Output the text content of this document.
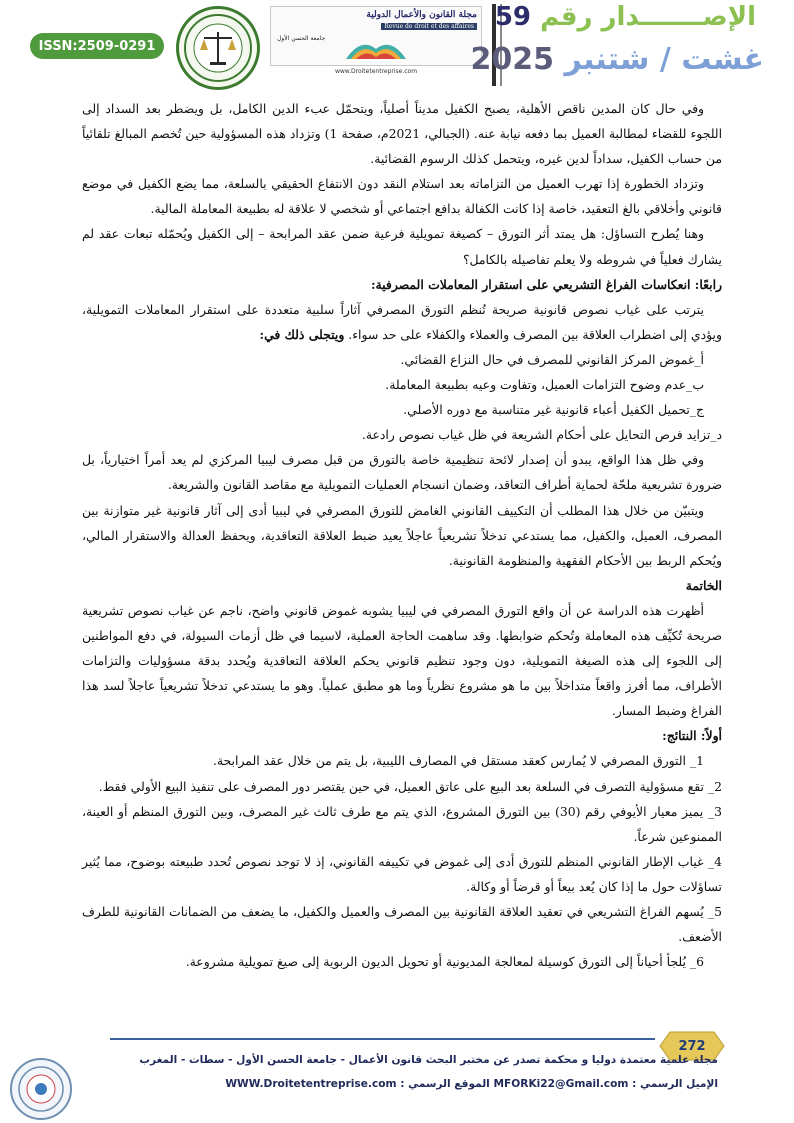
ISSN:2509-0291
مجلة القانون والأعمال الدولية
Revue de droit et des affaires
جامعة الحسن الأول
www.Droitetentreprise.com
الإصـــــــدار رقم 59
غشت / شتنبر 2025

وفي حال كان المدين ناقص الأهلية، يصبح الكفيل مديناً أصلياً، ويتحمّل عبء الدين الكامل، بل ويضطر بعد السداد إلى اللجوء للقضاء لمطالبة العميل بما دفعه نيابة عنه. (الجبالي، 2021م، صفحة 1) وتزداد هذه المسؤولية حين تُخصم المبالغ تلقائياً من حساب الكفيل، سداداً لدين غيره، ويتحمل كذلك الرسوم القضائية.

وتزداد الخطورة إذا تهرب العميل من التزاماته بعد استلام النقد دون الانتفاع الحقيقي بالسلعة، مما يضع الكفيل في موضع قانوني وأخلاقي بالغ التعقيد، خاصة إذا كانت الكفالة بدافع اجتماعي أو شخصي لا علاقة له بطبيعة المعاملة المالية.

وهنا يُطرح التساؤل: هل يمتد أثر التورق – كصيغة تمويلية فرعية ضمن عقد المرابحة – إلى الكفيل ويُحمّله تبعات عقد لم يشارك فعلياً في شروطه ولا يعلم تفاصيله بالكامل؟

رابعًا: انعكاسات الفراغ التشريعي على استقرار المعاملات المصرفية:

يترتب على غياب نصوص قانونية صريحة تُنظم التورق المصرفي آثاراً سلبية متعددة على استقرار المعاملات التمويلية، ويؤدي إلى اضطراب العلاقة بين المصرف والعملاء والكفلاء على حد سواء. ويتجلى ذلك في:

أ_غموض المركز القانوني للمصرف في حال النزاع القضائي.

ب_عدم وضوح التزامات العميل، وتفاوت وعيه بطبيعة المعاملة.

ج_تحميل الكفيل أعباء قانونية غير متناسبة مع دوره الأصلي.

د_تزايد فرص التحايل على أحكام الشريعة في ظل غياب نصوص رادعة.

وفي ظل هذا الواقع، يبدو أن إصدار لائحة تنظيمية خاصة بالتورق من قبل مصرف ليبيا المركزي لم يعد أمراً اختيارياً، بل ضرورة تشريعية ملحّة لحماية أطراف التعاقد، وضمان انسجام العمليات التمويلية مع مقاصد القانون والشريعة.

ويتبيّن من خلال هذا المطلب أن التكييف القانوني الغامض للتورق المصرفي في ليبيا أدى إلى آثار قانونية غير متوازنة بين المصرف، العميل، والكفيل، مما يستدعي تدخلاً تشريعياً عاجلاً يعيد ضبط العلاقة التعاقدية، ويحفظ العدالة والاستقرار المالي، ويُحكم الربط بين الأحكام الفقهية والمنظومة القانونية.

الخاتمة

أظهرت هذه الدراسة عن أن واقع التورق المصرفي في ليبيا يشوبه غموض قانوني واضح، ناجم عن غياب نصوص تشريعية صريحة تُكيِّف هذه المعاملة وتُحكم ضوابطها. وقد ساهمت الحاجة العملية، لاسيما في ظل أزمات السيولة، في دفع المواطنين إلى اللجوء إلى هذه الصيغة التمويلية، دون وجود تنظيم قانوني يحكم العلاقة التعاقدية ويُحدد بدقة مسؤوليات والتزامات الأطراف، مما أفرز واقعاً متداخلاً بين ما هو مشروع نظرياً وما هو مطبق عملياً. وهو ما يستدعي تدخلاً تشريعياً عاجلاً لسد هذا الفراغ وضبط المسار.

أولاً: النتائج:

1_ التورق المصرفي لا يُمارس كعقد مستقل في المصارف الليبية، بل يتم من خلال عقد المرابحة.

2_ تقع مسؤولية التصرف في السلعة بعد البيع على عاتق العميل، في حين يقتصر دور المصرف على تنفيذ البيع الأولي فقط.

3_ يميز معيار الأيوفي رقم (30) بين التورق المشروع، الذي يتم مع طرف ثالث غير المصرف، وبين التورق المنظم أو العينة، الممنوعين شرعاً.

4_ غياب الإطار القانوني المنظم للتورق أدى إلى غموض في تكييفه القانوني، إذ لا توجد نصوص تُحدد طبيعته بوضوح، مما يُثير تساؤلات حول ما إذا كان يُعد بيعاً أو قرضاً أو وكالة.

5_ يُسهم الفراغ التشريعي في تعقيد العلاقة القانونية بين المصرف والعميل والكفيل، ما يضعف من الضمانات القانونية للطرف الأضعف.

6_ يُلجأ أحياناً إلى التورق كوسيلة لمعالجة المديونية أو تحويل الديون الربوية إلى صيغ تمويلية مشروعة.

272
مجلة علمية معتمدة دوليا و محكمة تصدر عن مختبر البحث قانون الأعمال - جامعة الحسن الأول - سطات - المغرب
الإميل الرسمي : MFORKi22@Gmail.com الموقع الرسمي : WWW.Droitetentreprise.com
